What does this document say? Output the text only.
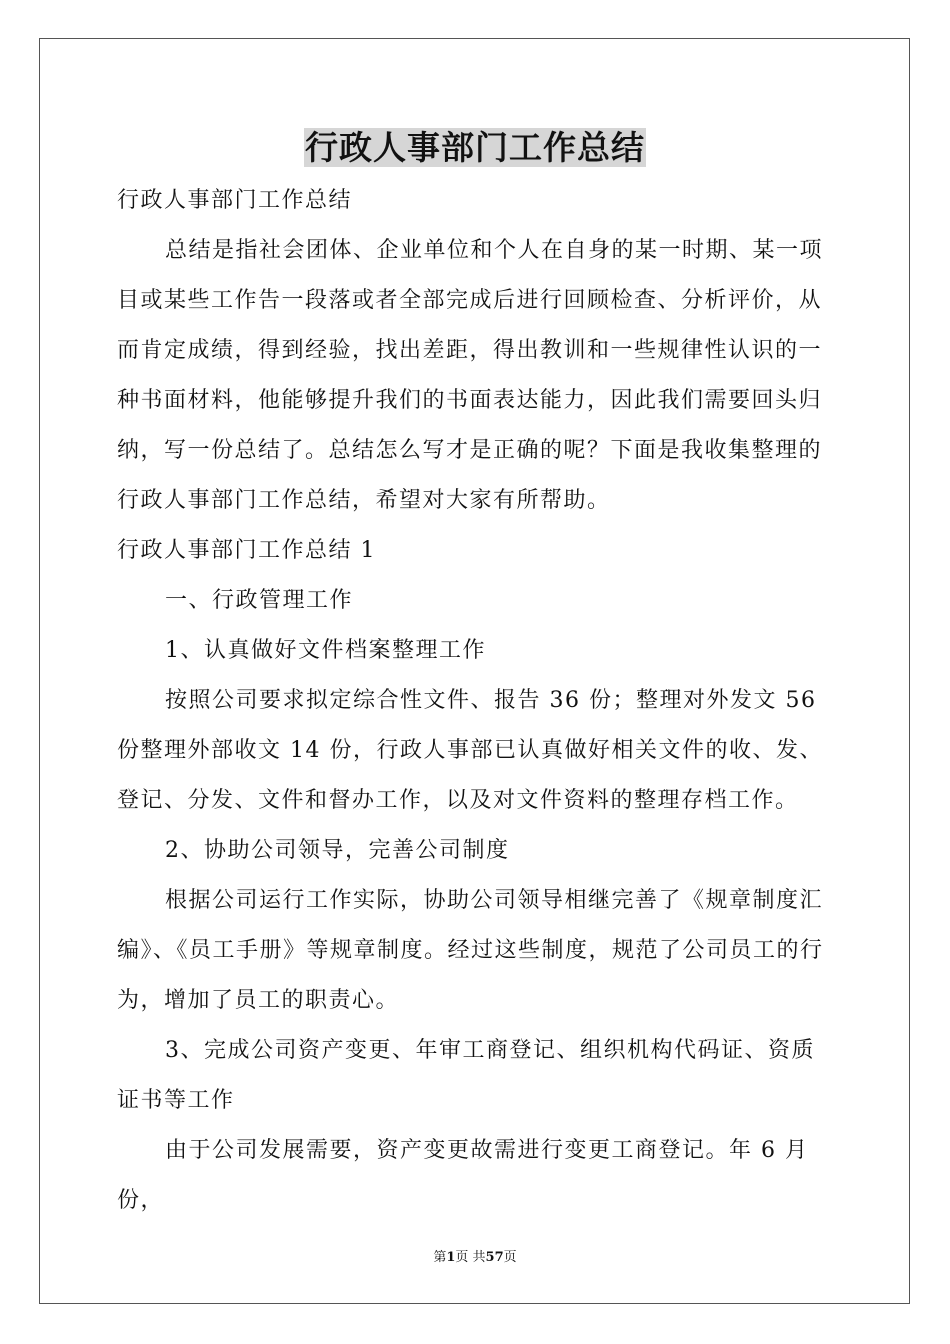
行政人事部门工作总结

行政人事部门工作总结

总结是指社会团体、企业单位和个人在自身的某一时期、某一项目或某些工作告一段落或者全部完成后进行回顾检查、分析评价，从而肯定成绩，得到经验，找出差距，得出教训和一些规律性认识的一种书面材料，他能够提升我们的书面表达能力，因此我们需要回头归纳，写一份总结了。总结怎么写才是正确的呢？下面是我收集整理的行政人事部门工作总结，希望对大家有所帮助。

行政人事部门工作总结 1

一、行政管理工作

1、认真做好文件档案整理工作

按照公司要求拟定综合性文件、报告 36 份；整理对外发文 56 份整理外部收文 14 份，行政人事部已认真做好相关文件的收、发、登记、分发、文件和督办工作，以及对文件资料的整理存档工作。

2、协助公司领导，完善公司制度

根据公司运行工作实际，协助公司领导相继完善了《规章制度汇编》、《员工手册》等规章制度。经过这些制度，规范了公司员工的行为，增加了员工的职责心。

3、完成公司资产变更、年审工商登记、组织机构代码证、资质证书等工作

由于公司发展需要，资产变更故需进行变更工商登记。年 6 月份，

第1页 共57页
